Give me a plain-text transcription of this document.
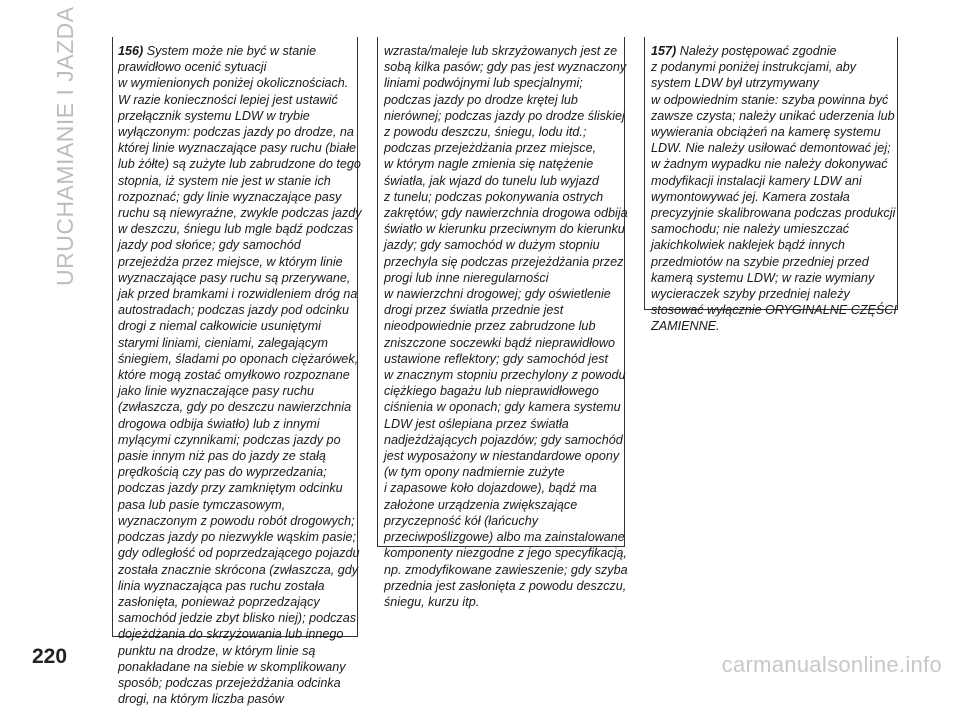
URUCHAMIANIE I JAZDA	156) System może nie być w stanie
prawidłowo ocenić sytuacji
w wymienionych poniżej okolicznościach.
W razie konieczności lepiej jest ustawić
przełącznik systemu LDW w trybie
wyłączonym: podczas jazdy po drodze, na
której linie wyznaczające pasy ruchu (białe
lub żółte) są zużyte lub zabrudzone do tego
stopnia, iż system nie jest w stanie ich
rozpoznać; gdy linie wyznaczające pasy
ruchu są niewyraźne, zwykle podczas jazdy
w deszczu, śniegu lub mgle bądź podczas
jazdy pod słońce; gdy samochód
przejeżdża przez miejsce, w którym linie
wyznaczające pasy ruchu są przerywane,
jak przed bramkami i rozwidleniem dróg na
autostradach; podczas jazdy pod odcinku
drogi z niemal całkowicie usuniętymi
starymi liniami, cieniami, zalegającym
śniegiem, śladami po oponach ciężarówek,
które mogą zostać omyłkowo rozpoznane
jako linie wyznaczające pasy ruchu
(zwłaszcza, gdy po deszczu nawierzchnia
drogowa odbija światło) lub z innymi
mylącymi czynnikami; podczas jazdy po
pasie innym niż pas do jazdy ze stałą
prędkością czy pas do wyprzedzania;
podczas jazdy przy zamkniętym odcinku
pasa lub pasie tymczasowym,
wyznaczonym z powodu robót drogowych;
podczas jazdy po niezwykle wąskim pasie;
gdy odległość od poprzedzającego pojazdu
została znacznie skrócona (zwłaszcza, gdy
linia wyznaczająca pas ruchu została
zasłonięta, ponieważ poprzedzający
samochód jedzie zbyt blisko niej); podczas
dojeżdżania do skrzyżowania lub innego
punktu na drodze, w którym linie są
ponakładane na siebie w skomplikowany
sposób; podczas przejeżdżania odcinka
drogi, na którym liczba pasów
wzrasta/maleje lub skrzyżowanych jest ze
sobą kilka pasów; gdy pas jest wyznaczony
liniami podwójnymi lub specjalnymi;
podczas jazdy po drodze krętej lub
nierównej; podczas jazdy po drodze śliskiej
z powodu deszczu, śniegu, lodu itd.;
podczas przejeżdżania przez miejsce,
w którym nagle zmienia się natężenie
światła, jak wjazd do tunelu lub wyjazd
z tunelu; podczas pokonywania ostrych
zakrętów; gdy nawierzchnia drogowa odbija
światło w kierunku przeciwnym do kierunku
jazdy; gdy samochód w dużym stopniu
przechyla się podczas przejeżdżania przez
progi lub inne nieregularności
w nawierzchni drogowej; gdy oświetlenie
drogi przez światła przednie jest
nieodpowiednie przez zabrudzone lub
zniszczone soczewki bądź nieprawidłowo
ustawione reflektory; gdy samochód jest
w znacznym stopniu przechylony z powodu
ciężkiego bagażu lub nieprawidłowego
ciśnienia w oponach; gdy kamera systemu
LDW jest oślepiana przez światła
nadjeżdżających pojazdów; gdy samochód
jest wyposażony w niestandardowe opony
(w tym opony nadmiernie zużyte
i zapasowe koło dojazdowe), bądź ma
założone urządzenia zwiększające
przyczepność kół (łańcuchy
przeciwpoślizgowe) albo ma zainstalowane
komponenty niezgodne z jego specyfikacją,
np. zmodyfikowane zawieszenie; gdy szyba
przednia jest zasłonięta z powodu deszczu,
śniegu, kurzu itp.
157) Należy postępować zgodnie
z podanymi poniżej instrukcjami, aby
system LDW był utrzymywany
w odpowiednim stanie: szyba powinna być
zawsze czysta; należy unikać uderzenia lub
wywierania obciążeń na kamerę systemu
LDW. Nie należy usiłować demontować jej;
w żadnym wypadku nie należy dokonywać
modyfikacji instalacji kamery LDW ani
wymontowywać jej. Kamera została
precyzyjnie skalibrowana podczas produkcji
samochodu; nie należy umieszczać
jakichkolwiek naklejek bądź innych
przedmiotów na szybie przedniej przed
kamerą systemu LDW; w razie wymiany
wycieraczek szyby przedniej należy
stosować wyłącznie ORYGINALNE CZĘŚCI
ZAMIENNE.
220	carmanualsonline.info
